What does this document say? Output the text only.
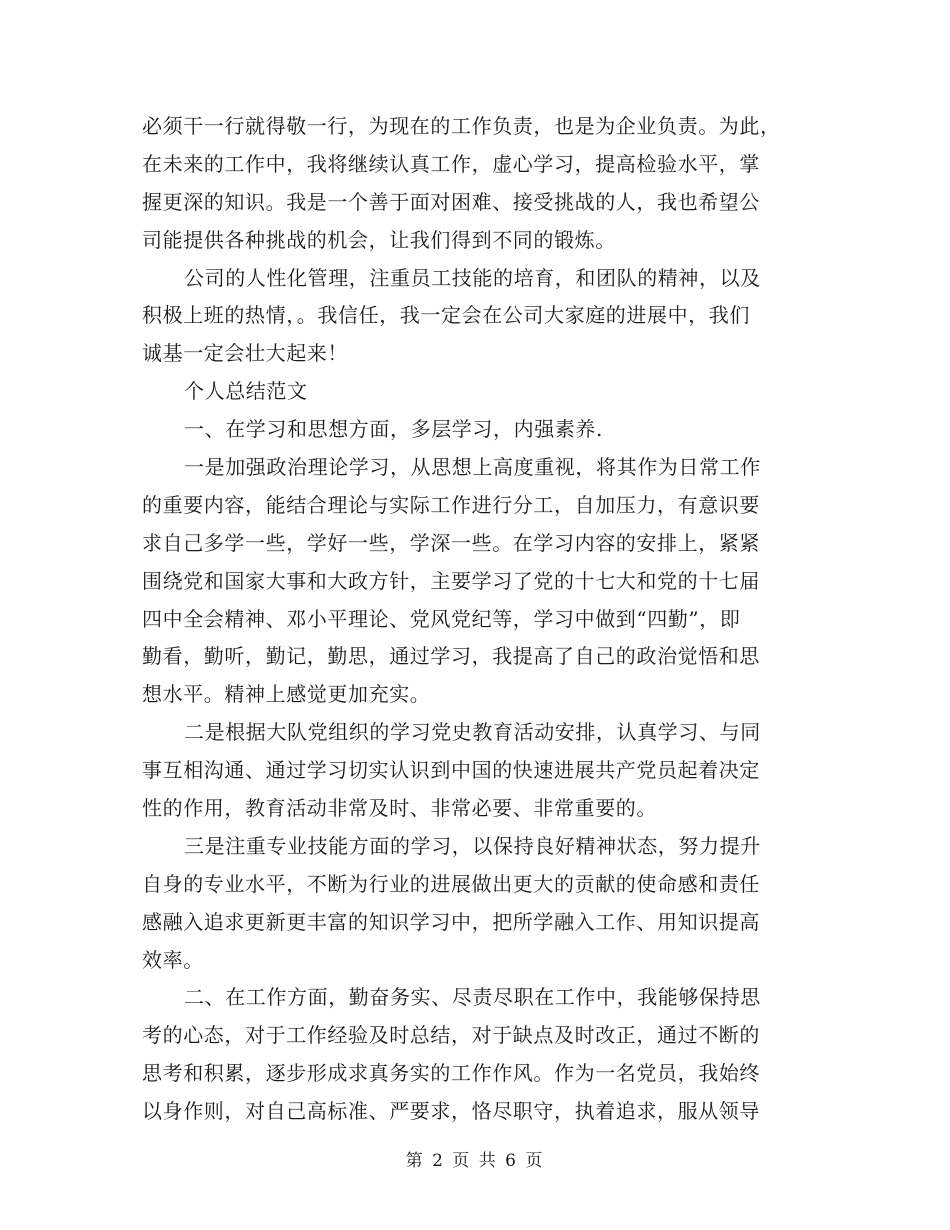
必须干一行就得敬一行，为现在的工作负责，也是为企业负责。为此，
在未来的工作中，我将继续认真工作，虚心学习，提高检验水平，掌
握更深的知识。我是一个善于面对困难、接受挑战的人，我也希望公
司能提供各种挑战的机会，让我们得到不同的锻炼。
公司的人性化管理，注重员工技能的培育，和团队的精神，以及
积极上班的热情，。我信任，我一定会在公司大家庭的进展中，我们
诚基一定会壮大起来！
个人总结范文
一、在学习和思想方面，多层学习，内强素养.
一是加强政治理论学习，从思想上高度重视，将其作为日常工作
的重要内容，能结合理论与实际工作进行分工，自加压力，有意识要
求自己多学一些，学好一些，学深一些。在学习内容的安排上，紧紧
围绕党和国家大事和大政方针，主要学习了党的十七大和党的十七届
四中全会精神、邓小平理论、党风党纪等，学习中做到“四勤”，即
勤看，勤听，勤记，勤思，通过学习，我提高了自己的政治觉悟和思
想水平。精神上感觉更加充实。
二是根据大队党组织的学习党史教育活动安排，认真学习、与同
事互相沟通、通过学习切实认识到中国的快速进展共产党员起着决定
性的作用，教育活动非常及时、非常必要、非常重要的。
三是注重专业技能方面的学习，以保持良好精神状态，努力提升
自身的专业水平，不断为行业的进展做出更大的贡献的使命感和责任
感融入追求更新更丰富的知识学习中，把所学融入工作、用知识提高
效率。
二、在工作方面，勤奋务实、尽责尽职在工作中，我能够保持思
考的心态，对于工作经验及时总结，对于缺点及时改正，通过不断的
思考和积累，逐步形成求真务实的工作作风。作为一名党员，我始终
以身作则，对自己高标准、严要求，恪尽职守，执着追求，服从领导
第 2 页 共 6 页
